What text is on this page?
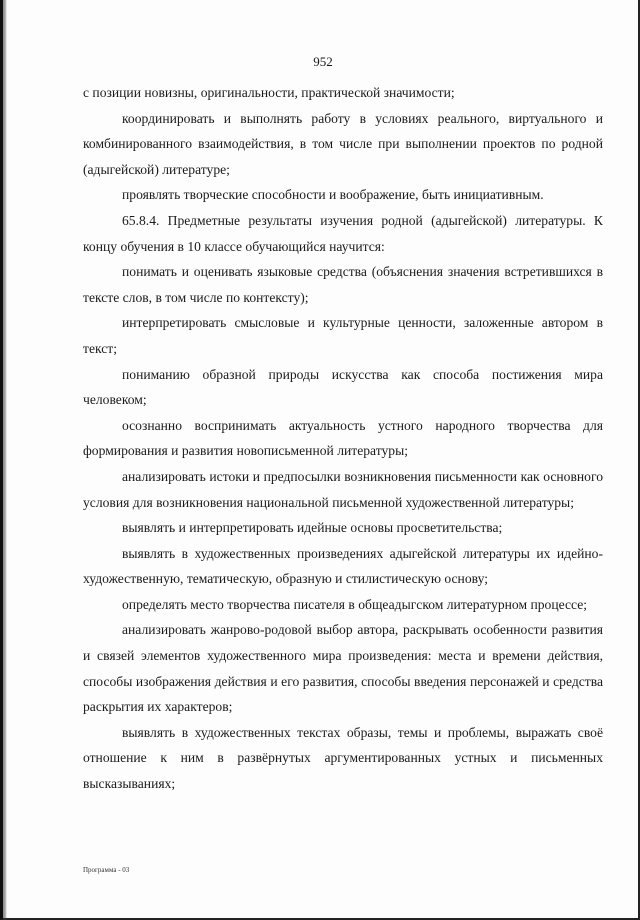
952

с позиции новизны, оригинальности, практической значимости;

координировать и выполнять работу в условиях реального, виртуального и комбинированного взаимодействия, в том числе при выполнении проектов по родной (адыгейской) литературе;

проявлять творческие способности и воображение, быть инициативным.

65.8.4. Предметные результаты изучения родной (адыгейской) литературы. К концу обучения в 10 классе обучающийся научится:

понимать и оценивать языковые средства (объяснения значения встретившихся в тексте слов, в том числе по контексту);

интерпретировать смысловые и культурные ценности, заложенные автором в текст;

пониманию образной природы искусства как способа постижения мира человеком;

осознанно воспринимать актуальность устного народного творчества для формирования и развития новописьменной литературы;

анализировать истоки и предпосылки возникновения письменности как основного условия для возникновения национальной письменной художественной литературы;

выявлять и интерпретировать идейные основы просветительства;

выявлять в художественных произведениях адыгейской литературы их идейно-художественную, тематическую, образную и стилистическую основу;

определять место творчества писателя в общеадыгском литературном процессе;

анализировать жанрово-родовой выбор автора, раскрывать особенности развития и связей элементов художественного мира произведения: места и времени действия, способы изображения действия и его развития, способы введения персонажей и средства раскрытия их характеров;

выявлять в художественных текстах образы, темы и проблемы, выражать своё отношение к ним в развёрнутых аргументированных устных и письменных высказываниях;

Программа - 03
